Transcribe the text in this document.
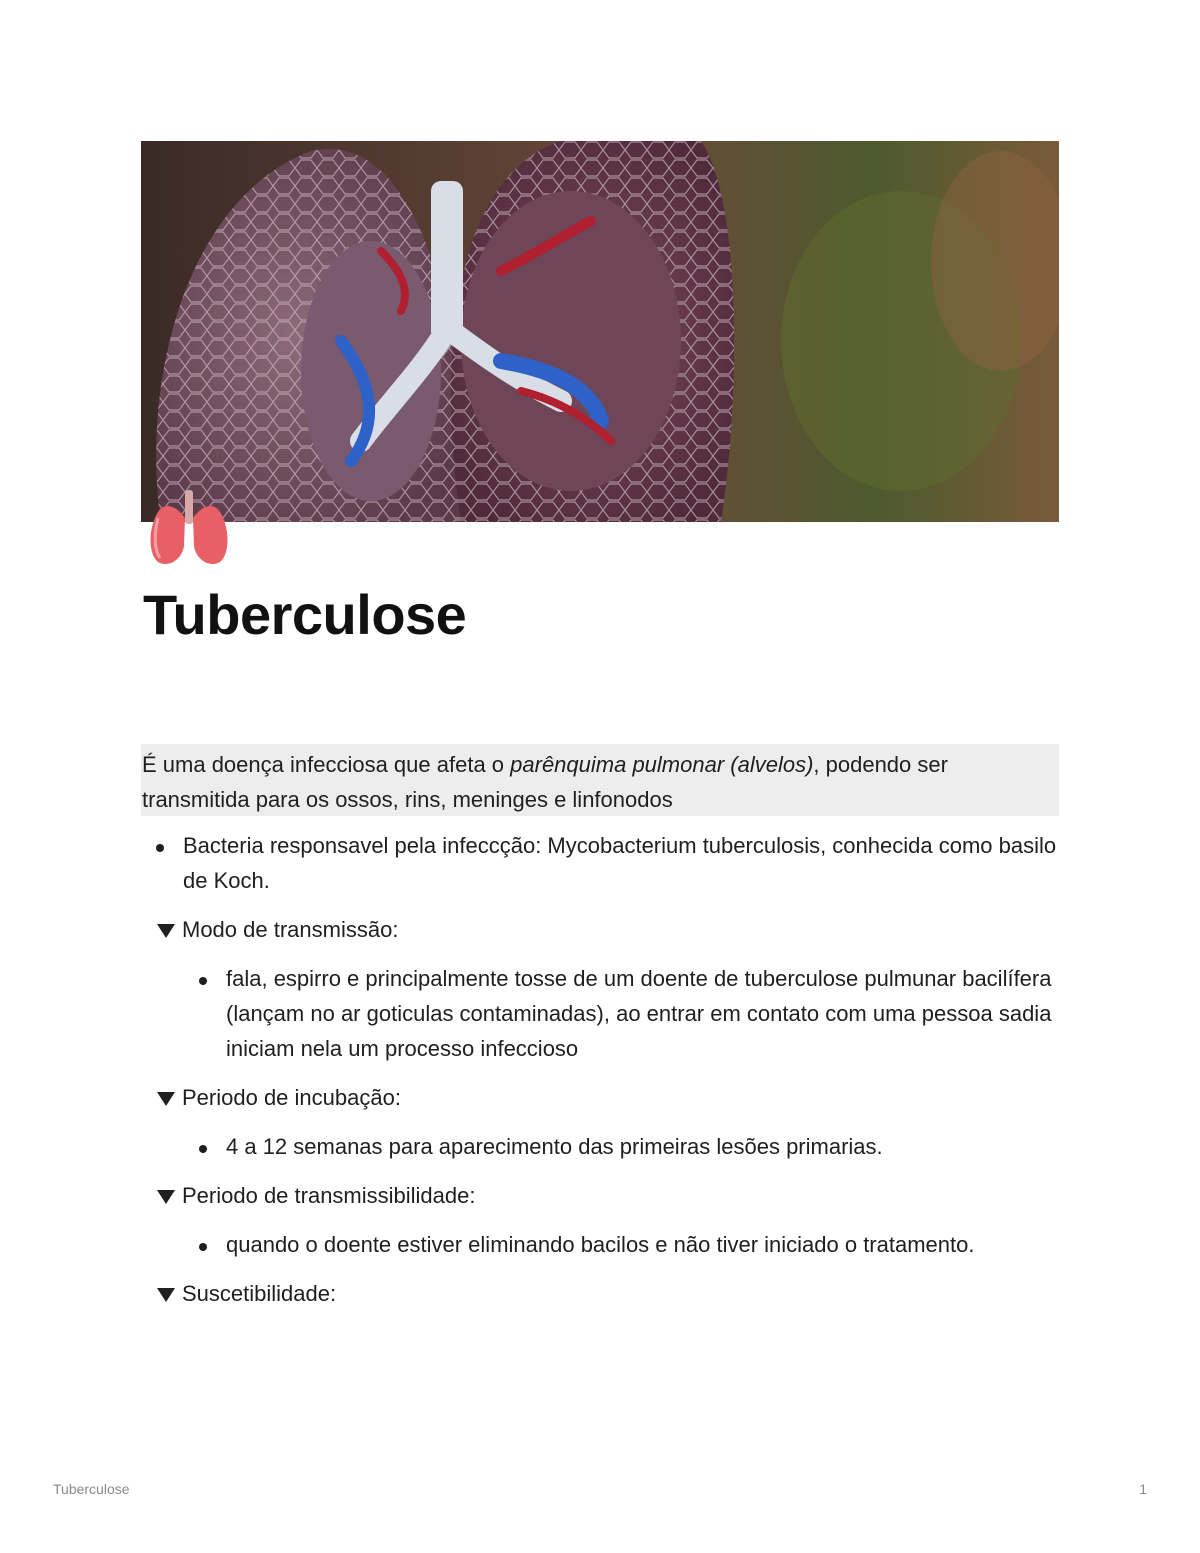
Tuberculose
É uma doença infecciosa que afeta o parênquima pulmonar (alvelos), podendo ser transmitida para os ossos, rins, meninges e linfonodos
Bacteria responsavel pela infeccção: Mycobacterium tuberculosis, conhecida como basilo de Koch.
Modo de transmissão:
fala, espirro e principalmente tosse de um doente de tuberculose pulmunar bacilífera (lançam no ar goticulas contaminadas), ao entrar em contato com uma pessoa sadia iniciam nela um processo infeccioso
Periodo de incubação:
4 a 12 semanas para aparecimento das primeiras lesões primarias.
Periodo de transmissibilidade:
quando o doente estiver eliminando bacilos e não tiver iniciado o tratamento.
Suscetibilidade:
Tuberculose	1
